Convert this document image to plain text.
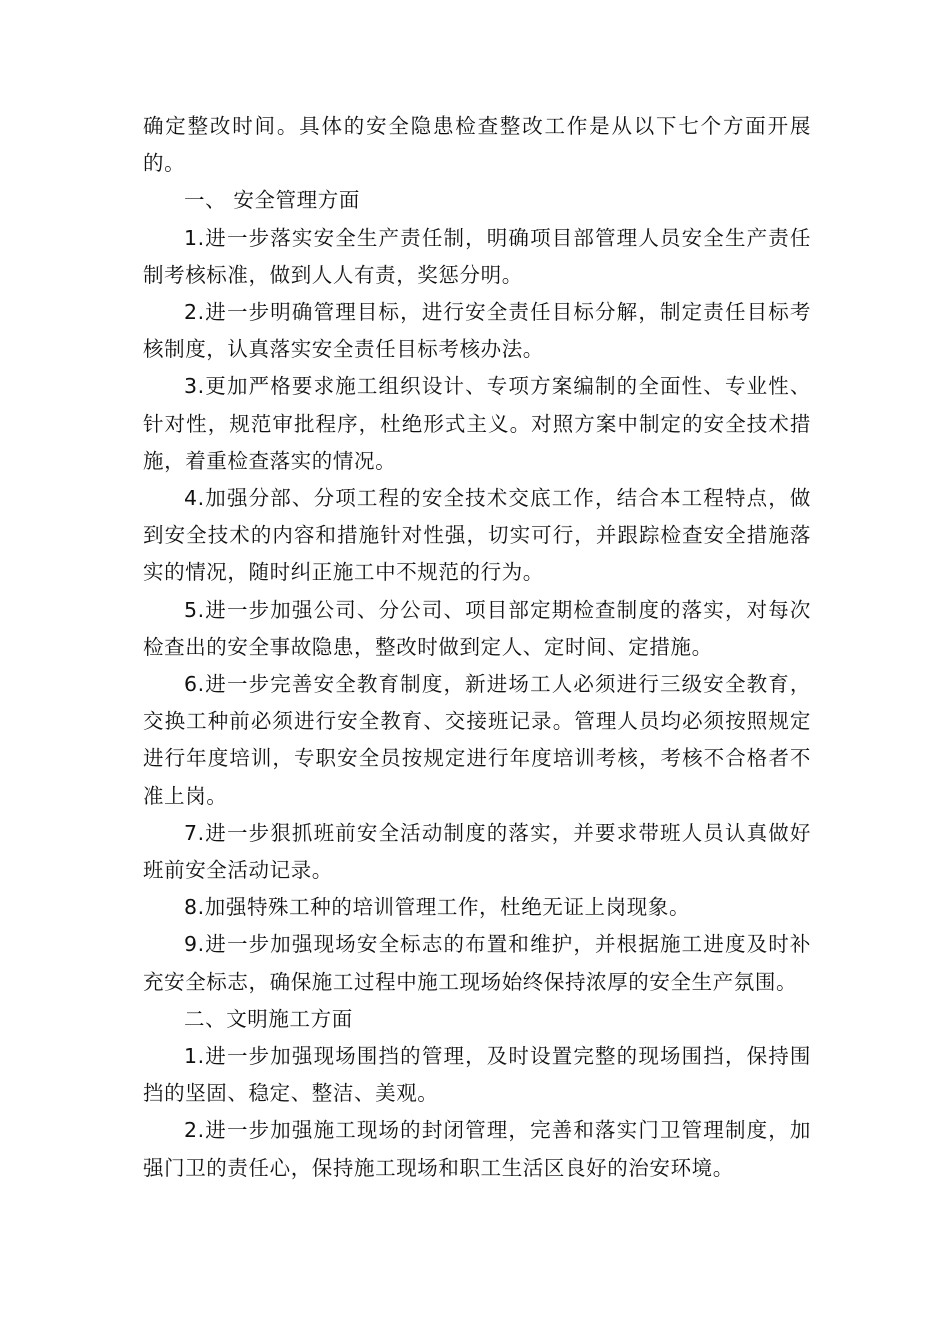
确定整改时间。具体的安全隐患检查整改工作是从以下七个方面开展的。

一、 安全管理方面

1.进一步落实安全生产责任制，明确项目部管理人员安全生产责任制考核标准，做到人人有责，奖惩分明。

2.进一步明确管理目标，进行安全责任目标分解，制定责任目标考核制度，认真落实安全责任目标考核办法。

3.更加严格要求施工组织设计、专项方案编制的全面性、专业性、针对性，规范审批程序，杜绝形式主义。对照方案中制定的安全技术措施，着重检查落实的情况。

4.加强分部、分项工程的安全技术交底工作，结合本工程特点，做到安全技术的内容和措施针对性强，切实可行，并跟踪检查安全措施落实的情况，随时纠正施工中不规范的行为。

5.进一步加强公司、分公司、项目部定期检查制度的落实，对每次检查出的安全事故隐患，整改时做到定人、定时间、定措施。

6.进一步完善安全教育制度，新进场工人必须进行三级安全教育，交换工种前必须进行安全教育、交接班记录。管理人员均必须按照规定进行年度培训，专职安全员按规定进行年度培训考核，考核不合格者不准上岗。

7.进一步狠抓班前安全活动制度的落实，并要求带班人员认真做好班前安全活动记录。

8.加强特殊工种的培训管理工作，杜绝无证上岗现象。

9.进一步加强现场安全标志的布置和维护，并根据施工进度及时补充安全标志，确保施工过程中施工现场始终保持浓厚的安全生产氛围。

二、文明施工方面

1.进一步加强现场围挡的管理，及时设置完整的现场围挡，保持围挡的坚固、稳定、整洁、美观。

2.进一步加强施工现场的封闭管理，完善和落实门卫管理制度，加强门卫的责任心，保持施工现场和职工生活区良好的治安环境。
